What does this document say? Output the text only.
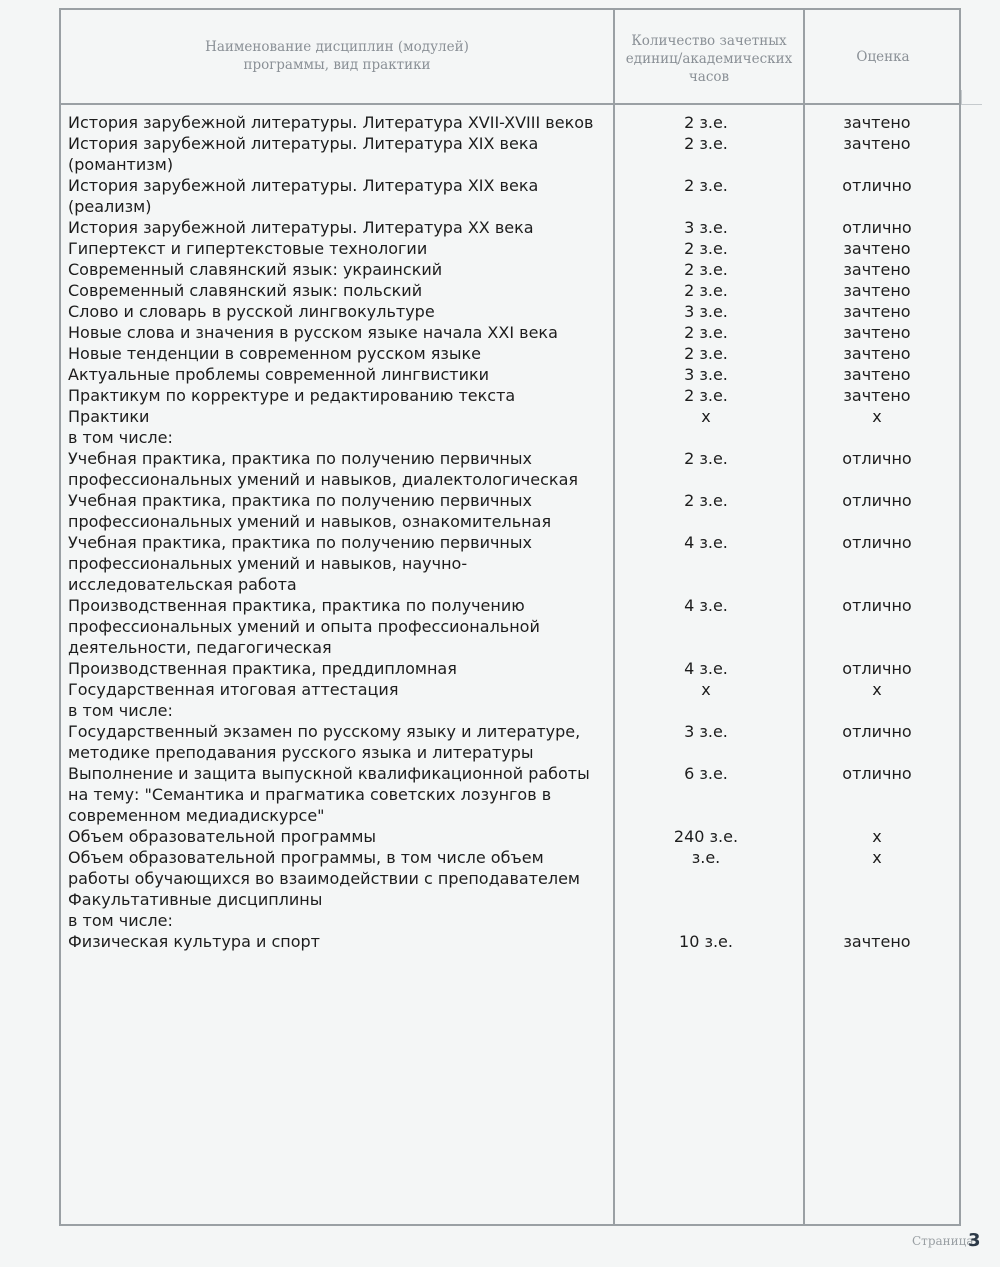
Наименование дисциплин (модулей)
программы, вид практики
Количество зачетных
единиц/академических
часов
Оценка
История зарубежной литературы. Литература XVII-XVIII веков	2 з.е.	зачтено
История зарубежной литературы. Литература XIX века
(романтизм)
2 з.е.	зачтено
История зарубежной литературы. Литература XIX века
(реализм)
2 з.е.	отлично
История зарубежной литературы. Литература XX века	3 з.е.	отлично
Гипертекст и гипертекстовые технологии	2 з.е.	зачтено
Современный славянский язык: украинский	2 з.е.	зачтено
Современный славянский язык: польский	2 з.е.	зачтено
Слово и словарь в русской лингвокультуре	3 з.е.	зачтено
Новые слова и значения в русском языке начала XXI века	2 з.е.	зачтено
Новые тенденции в современном русском языке	2 з.е.	зачтено
Актуальные проблемы современной лингвистики	3 з.е.	зачтено
Практикум по корректуре и редактированию текста	2 з.е.	зачтено
Практики	х	х
в том числе:
Учебная практика, практика по получению первичных
профессиональных умений и навыков, диалектологическая
2 з.е.	отлично
Учебная практика, практика по получению первичных
профессиональных умений и навыков, ознакомительная
2 з.е.	отлично
Учебная практика, практика по получению первичных
профессиональных умений и навыков, научно-
исследовательская работа
4 з.е.	отлично
Производственная практика, практика по получению
профессиональных умений и опыта профессиональной
деятельности, педагогическая
4 з.е.	отлично
Производственная практика, преддипломная	4 з.е.	отлично
Государственная итоговая аттестация	х	х
в том числе:
Государственный экзамен по русскому языку и литературе,
методике преподавания русского языка и литературы
3 з.е.	отлично
Выполнение и защита выпускной квалификационной работы
на тему: "Семантика и прагматика советских лозунгов в
современном медиадискурсе"
6 з.е.	отлично
Объем образовательной программы	240 з.е.	х
Объем образовательной программы, в том числе объем
работы обучающихся во взаимодействии с преподавателем
з.е.	х
Факультативные дисциплины
в том числе:
Физическая культура и спорт	10 з.е.	зачтено
Страница
3
